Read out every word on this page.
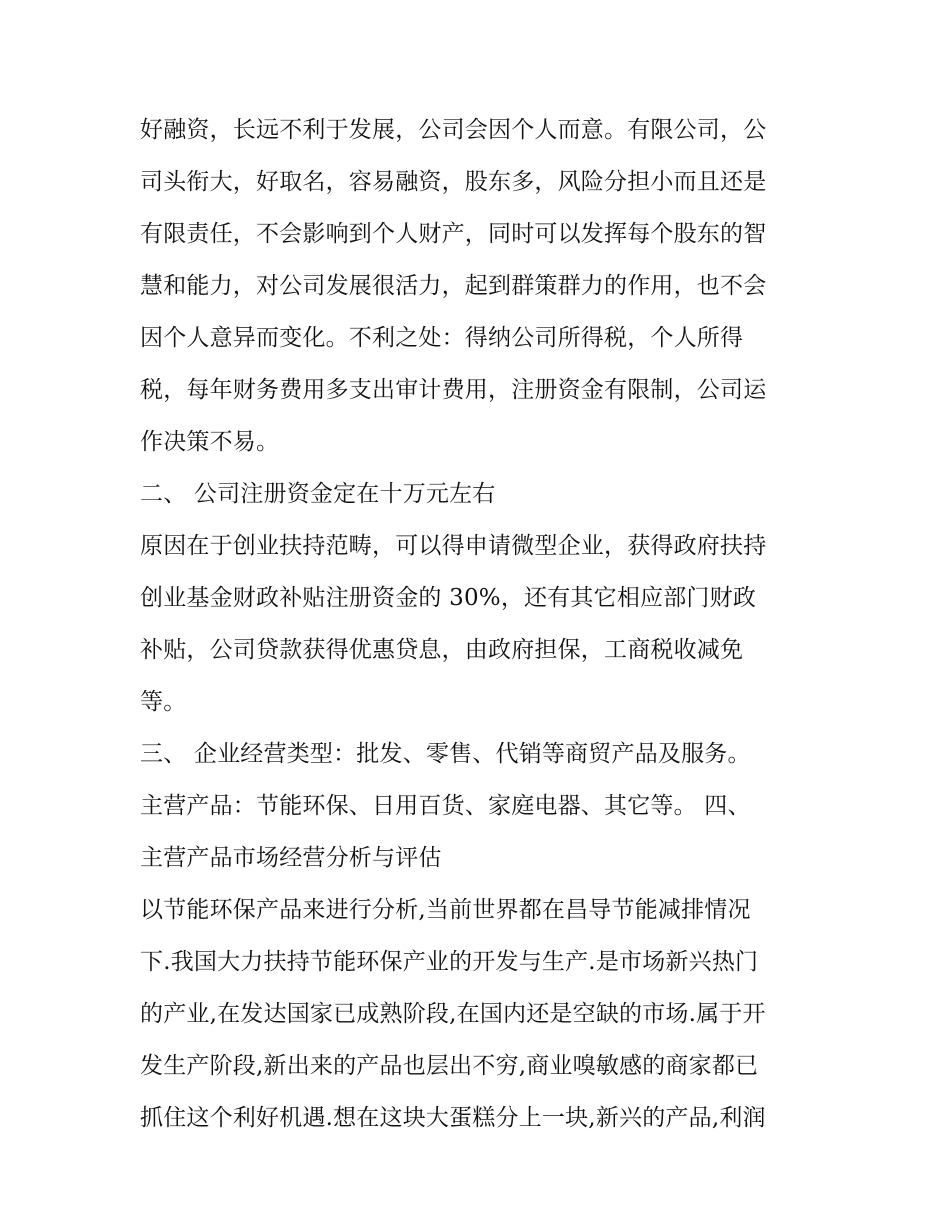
好融资，长远不利于发展，公司会因个人而意。有限公司，公
司头衔大，好取名，容易融资，股东多，风险分担小而且还是
有限责任，不会影响到个人财产，同时可以发挥每个股东的智
慧和能力，对公司发展很活力，起到群策群力的作用，也不会
因个人意异而变化。不利之处：得纳公司所得税，个人所得
税，每年财务费用多支出审计费用，注册资金有限制，公司运
作决策不易。
二、 公司注册资金定在十万元左右
原因在于创业扶持范畴，可以得申请微型企业，获得政府扶持
创业基金财政补贴注册资金的 30%，还有其它相应部门财政
补贴，公司贷款获得优惠贷息，由政府担保，工商税收减免
等。
三、 企业经营类型：批发、零售、代销等商贸产品及服务。
主营产品：节能环保、日用百货、家庭电器、其它等。 四、
主营产品市场经营分析与评估
以节能环保产品来进行分析,当前世界都在昌导节能减排情况
下.我国大力扶持节能环保产业的开发与生产.是市场新兴热门
的产业,在发达国家已成熟阶段,在国内还是空缺的市场.属于开
发生产阶段,新出来的产品也层出不穷,商业嗅敏感的商家都已
抓住这个利好机遇.想在这块大蛋糕分上一块,新兴的产品,利润
